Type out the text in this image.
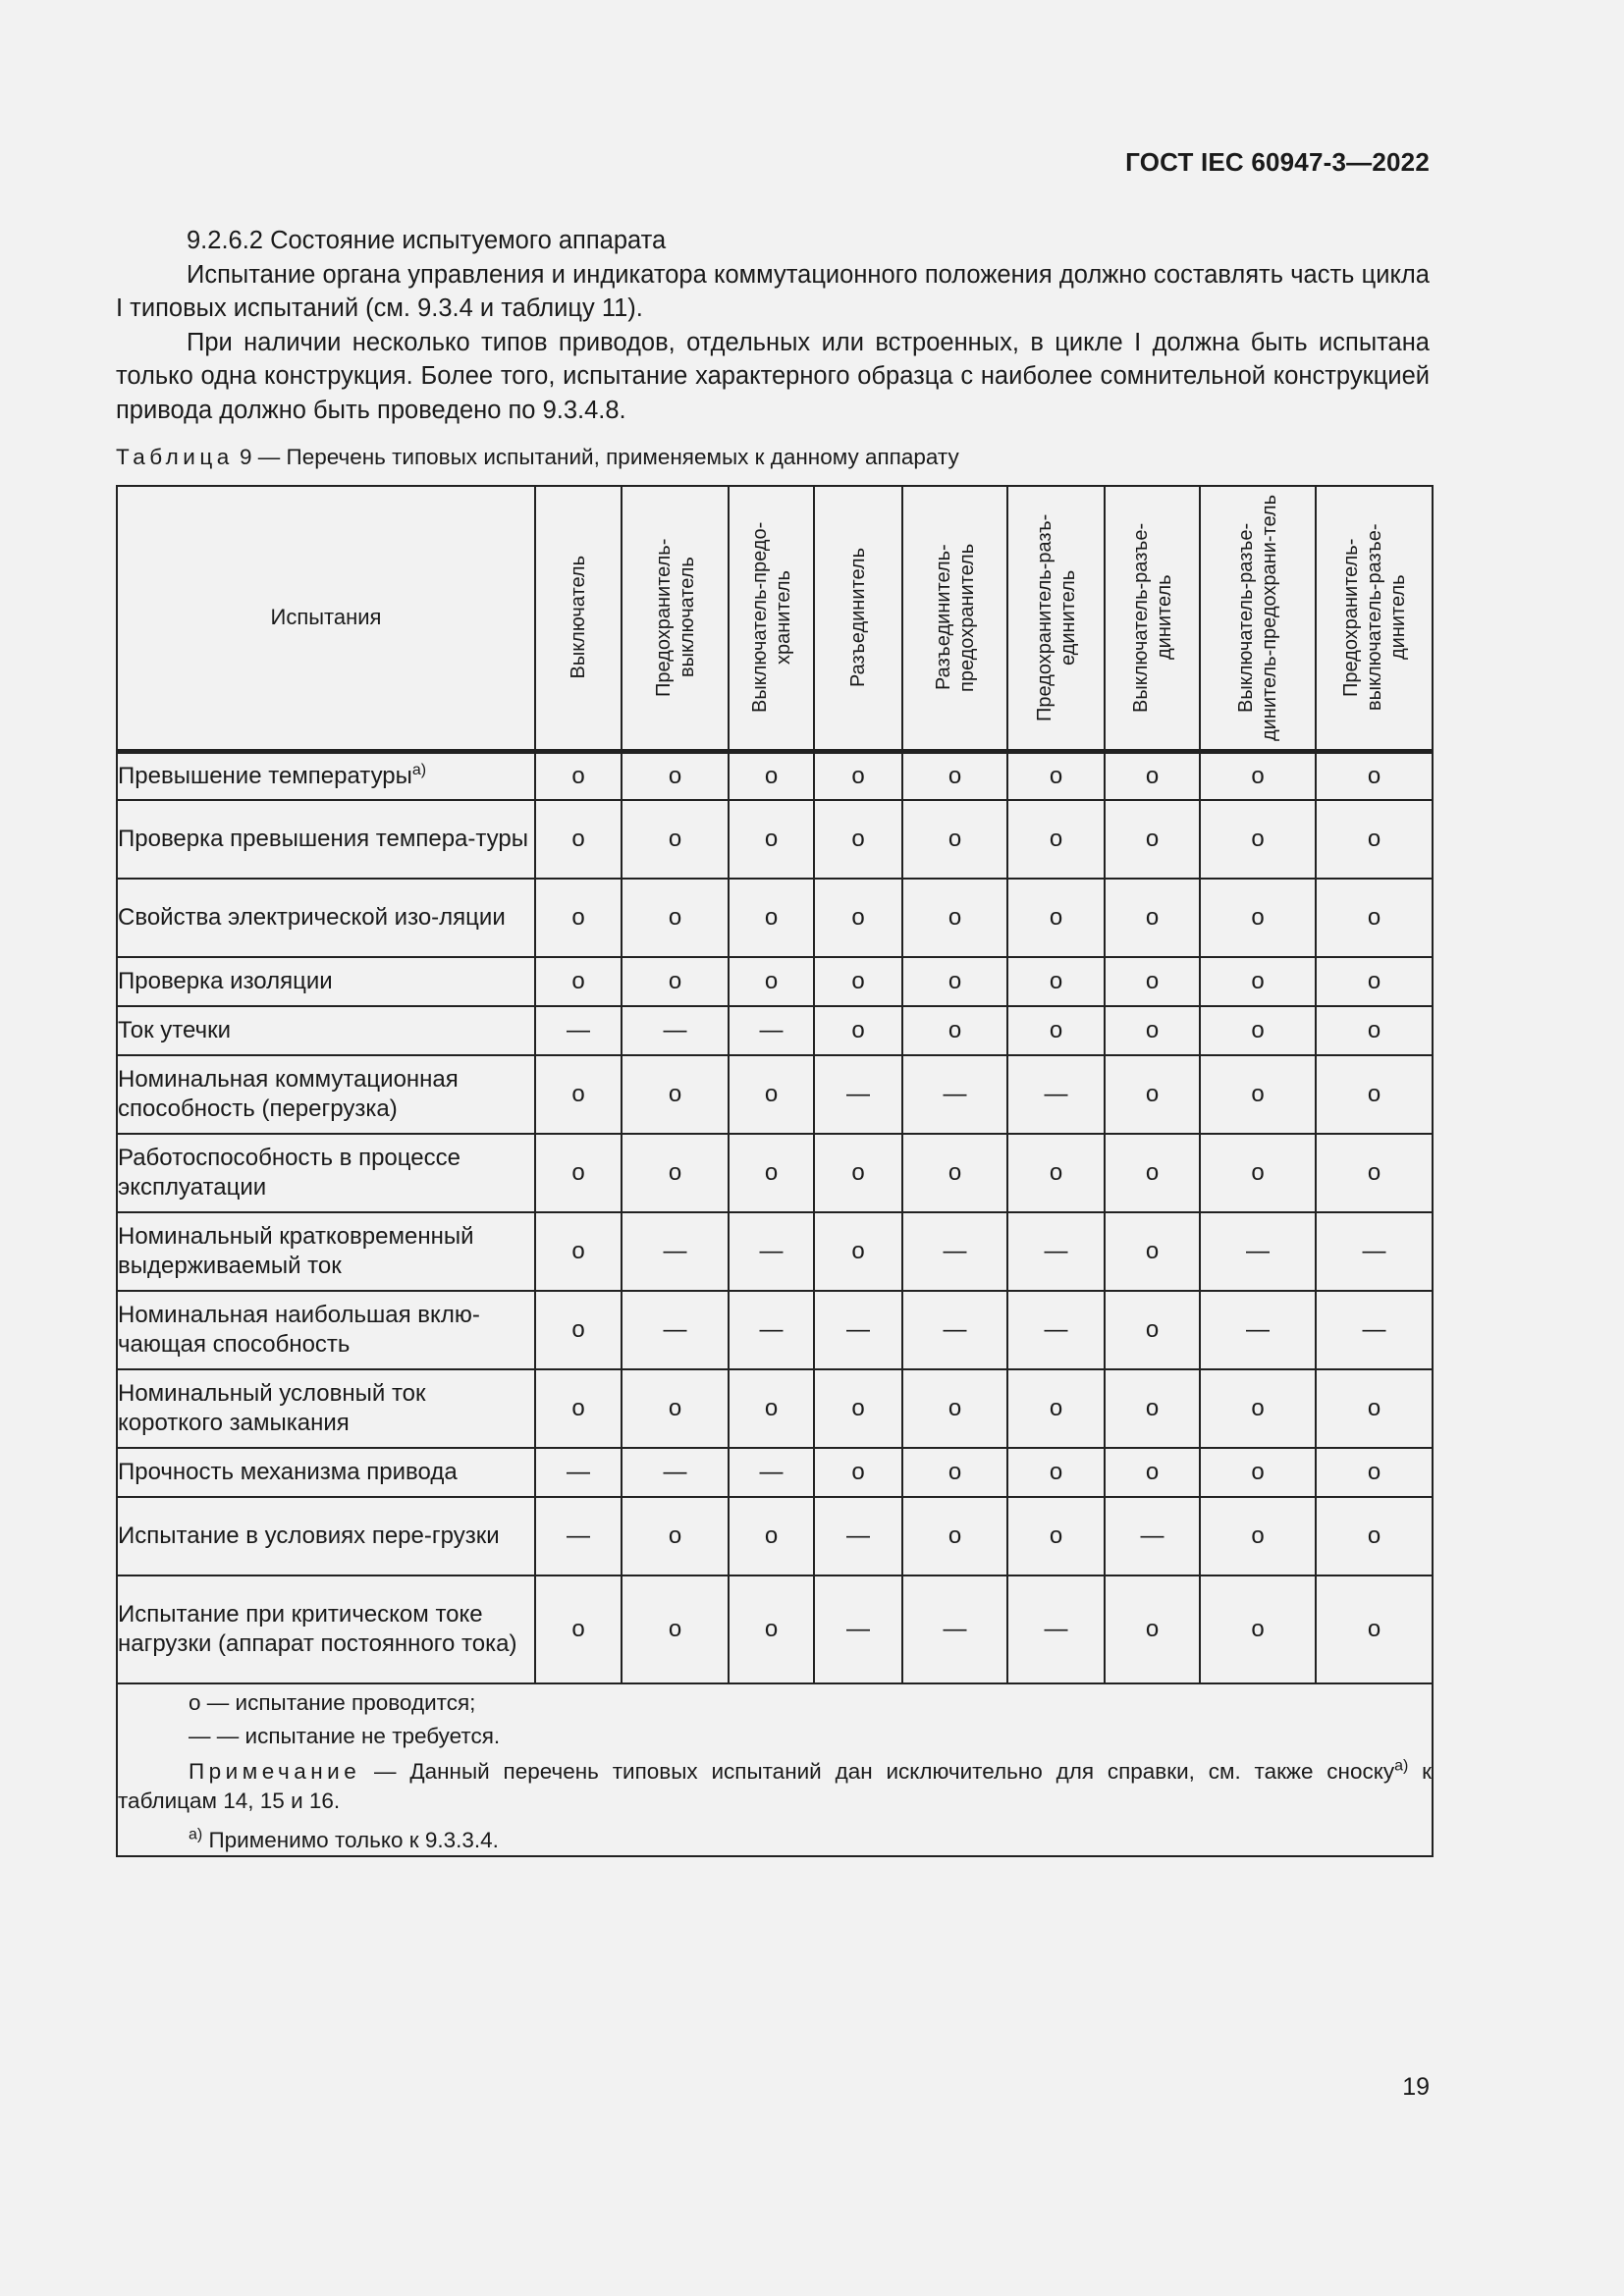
ГОСТ IEC 60947-3—2022

9.2.6.2 Состояние испытуемого аппарата

Испытание органа управления и индикатора коммутационного положения должно составлять часть цикла I типовых испытаний (см. 9.3.4 и таблицу 11).

При наличии несколько типов приводов, отдельных или встроенных, в цикле I должна быть испытана только одна конструкция. Более того, испытание характерного образца с наиболее сомнительной конструкцией привода должно быть проведено по 9.3.4.8.

Таблица 9 — Перечень типовых испытаний, применяемых к данному аппарату
Испытания	Выключатель	Предохранитель-выключатель	Выключатель-предо-хранитель	Разъединитель	Разъединитель-предохранитель	Предохранитель-разъ-единитель	Выключатель-разъе-динитель	Выключатель-разъе-динитель-предохрани-тель	Предохранитель-выключатель-разъе-динитель

Превышение температуры$^{a)}$	о	о	о	о	о	о	о	о	о
Проверка превышения темпера-туры	о	о	о	о	о	о	о	о	о
Свойства электрической изо-ляции	о	о	о	о	о	о	о	о	о
Проверка изоляции	о	о	о	о	о	о	о	о	о
Ток утечки	—	—	—	о	о	о	о	о	о
Номинальная коммутационная способность (перегрузка)	о	о	о	—	—	—	о	о	о
Работоспособность в процессе эксплуатации	о	о	о	о	о	о	о	о	о
Номинальный кратковременный выдерживаемый ток	о	—	—	о	—	—	о	—	—
Номинальная наибольшая вклю-чающая способность	о	—	—	—	—	—	о	—	—
Номинальный условный ток короткого замыкания	о	о	о	о	о	о	о	о	о
Прочность механизма привода	—	—	—	о	о	о	о	о	о
Испытание в условиях пере-грузки	—	о	о	—	о	о	—	о	о
Испытание при критическом токе нагрузки (аппарат постоянного тока)	о	о	о	—	—	—	о	о	о

о — испытание проводится;
— — испытание не требуется.
Примечание — Данный перечень типовых испытаний дан исключительно для справки, см. также сноску$^{a)}$ к таблицам 14, 15 и 16.
$^{a)}$ Применимо только к 9.3.3.4.									
19
